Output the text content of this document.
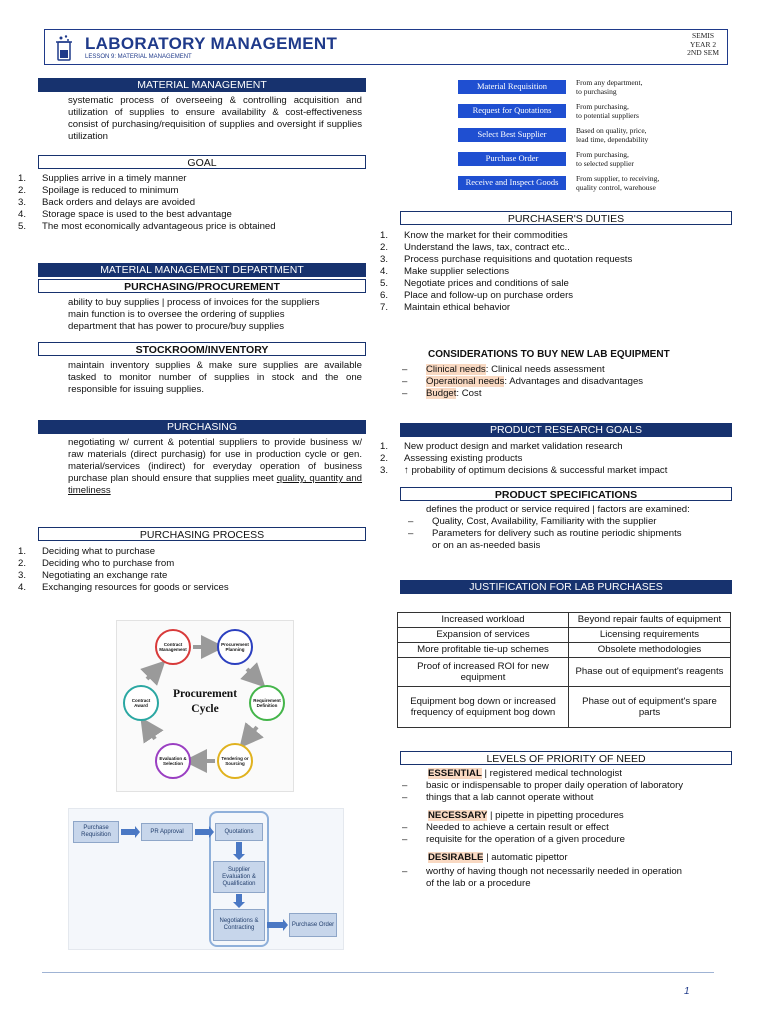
LABORATORY MANAGEMENT
LESSON 9: MATERIAL MANAGEMENT
SEMIS
YEAR 2
2ND SEM
MATERIAL MANAGEMENT
systematic process of overseeing & controlling acquisition and utilization of supplies to ensure availability & cost-effectiveness consist of purchasing/requisition of supplies and oversight if supplies utilization
GOAL
1. Supplies arrive in a timely manner
2. Spoilage is reduced to minimum
3. Back orders and delays are avoided
4. Storage space is used to the best advantage
5. The most economically advantageous price is obtained
MATERIAL MANAGEMENT DEPARTMENT
PURCHASING/PROCUREMENT
ability to buy supplies | process of invoices for the suppliers
main function is to oversee the ordering of supplies
department that has power to procure/buy supplies
STOCKROOM/INVENTORY
maintain inventory supplies & make sure supplies are available tasked to monitor number of supplies in stock and the one responsible for issuing supplies.
PURCHASING
negotiating w/ current & potential suppliers to provide business w/ raw materials (direct purchasig) for use in production cycle or gen. material/services (indirect) for everyday operation of business purchase plan should ensure that supplies meet quality, quantity and timeliness
PURCHASING PROCESS
1. Deciding what to purchase
2. Deciding who to purchase from
3. Negotiating an exchange rate
4. Exchanging resources for goods or services
Contract Management
Procurement Planning
Requirement Definition
Tendering or Sourcing
Evaluation & Selection
Contract Award
Procurement
Cycle
Purchase Requisition
PR Approval	Quotations
Supplier Evaluation & Qualification
Negotiations & Contracting
Purchase Order
Material Requisition	From any department,
to purchasing
Request for Quotations	From purchasing,
to potential suppliers
Select Best Supplier	Based on quality, price,
lead time, dependability
Purchase Order	From purchasing,
to selected supplier
Receive and Inspect Goods	From supplier, to receiving,
quality control, warehouse
PURCHASER'S DUTIES
1. Know the market for their commodities
2. Understand the laws, tax, contract etc..
3. Process purchase requisitions and quotation requests
4. Make supplier selections
5. Negotiate prices and conditions of sale
6. Place and follow-up on purchase orders
7. Maintain ethical behavior
CONSIDERATIONS TO BUY NEW LAB EQUIPMENT
– Clinical needs: Clinical needs assessment
– Operational needs: Advantages and disadvantages
– Budget: Cost
PRODUCT RESEARCH GOALS
1. New product design and market validation research
2. Assessing existing products
3. ↑ probability of optimum decisions & successful market impact
PRODUCT SPECIFICATIONS
defines the product or service required | factors are examined:
– Quality, Cost, Availability, Familiarity with the supplier
– Parameters for delivery such as routine periodic shipments
or on an as-needed basis
JUSTIFICATION FOR LAB PURCHASES
Increased workload	Beyond repair faults of equipment
Expansion of services	Licensing requirements
More profitable tie-up schemes	Obsolete methodologies
Proof of increased ROI for new equipment	Phase out of equipment's reagents
Equipment bog down or increased frequency of equipment bog down	Phase out of equipment's spare parts
LEVELS OF PRIORITY OF NEED
ESSENTIAL | registered medical technologist
– basic or indispensable to proper daily operation of laboratory
– things that a lab cannot operate without
NECESSARY | pipette in pipetting procedures
– Needed to achieve a certain result or effect
– requisite for the operation of a given procedure
DESIRABLE | automatic pipettor
– worthy of having though not necessarily needed in operation
of the lab or a procedure
1
